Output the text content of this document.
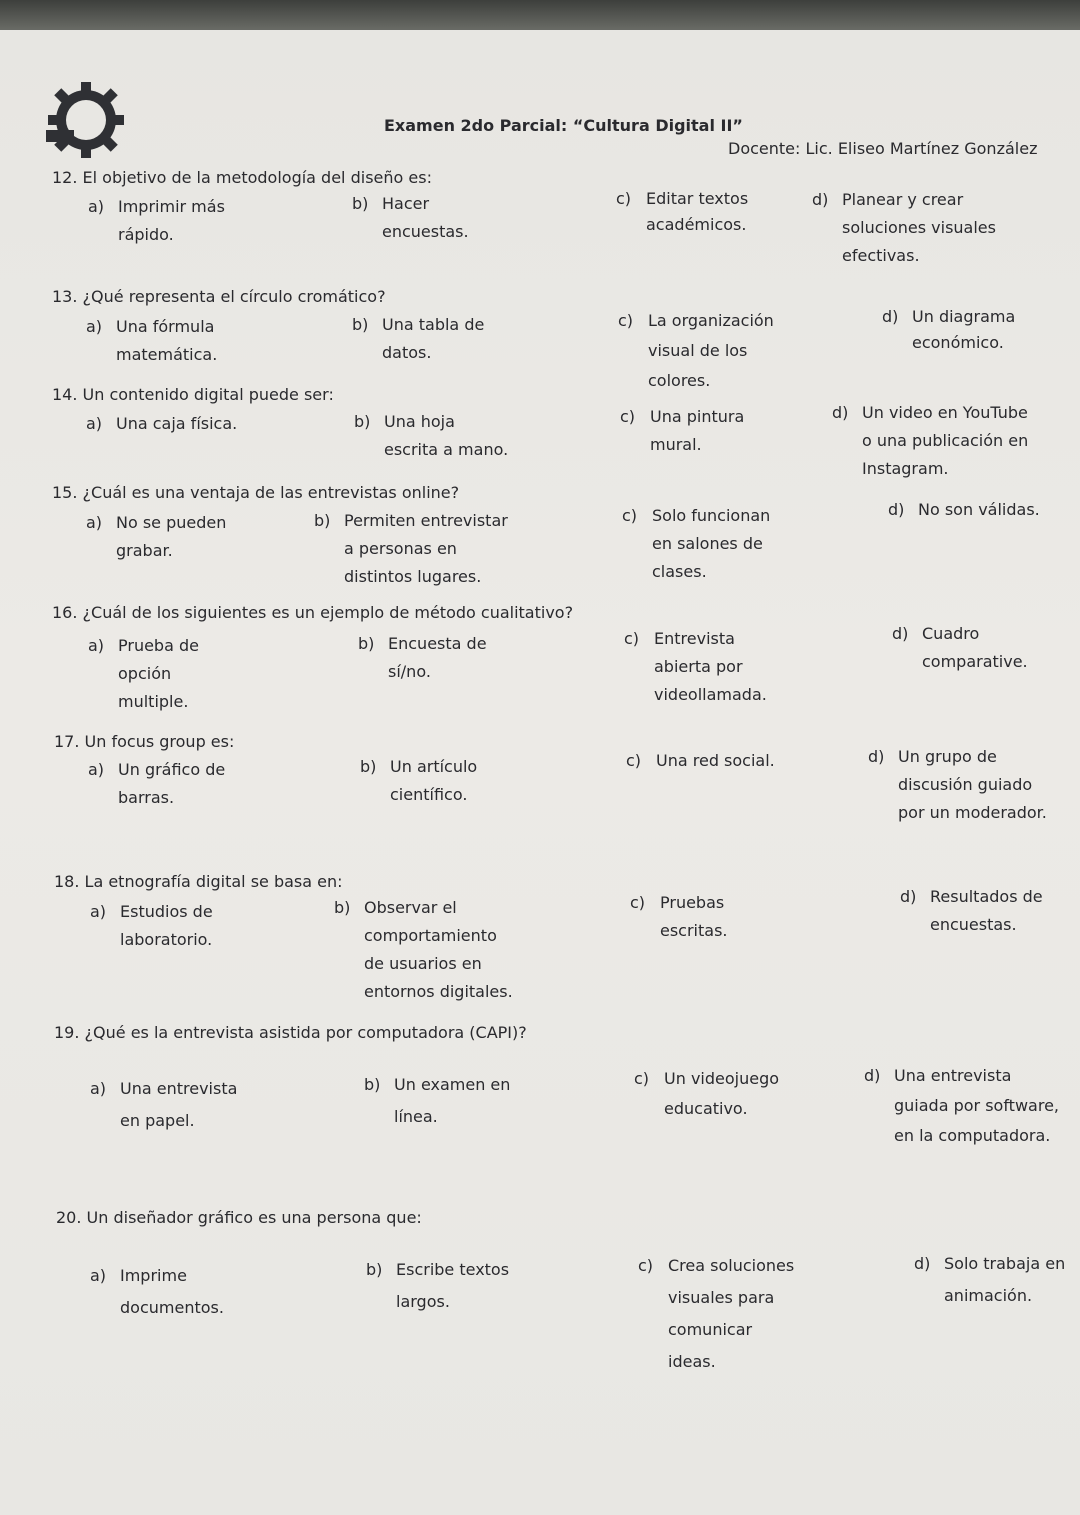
Examen 2do Parcial: “Cultura Digital II”
Docente: Lic. Eliseo Martínez González
12. El objetivo de la metodología del diseño es:
a) Imprimir más
rápido.
b) Hacer
encuestas.
c) Editar textos
académicos.
d) Planear y crear
soluciones visuales
efectivas.
13. ¿Qué representa el círculo cromático?
a) Una fórmula
matemática.
b) Una tabla de
datos.
c) La organización
visual de los
colores.
d) Un diagrama
económico.
14. Un contenido digital puede ser:
a) Una caja física.	b) Una hoja
escrita a mano.
c) Una pintura
mural.
d) Un video en YouTube
o una publicación en
Instagram.
15. ¿Cuál es una ventaja de las entrevistas online?
a) No se pueden
grabar.
b) Permiten entrevistar
a personas en
distintos lugares.
c) Solo funcionan
en salones de
clases.
d) No son válidas.
16. ¿Cuál de los siguientes es un ejemplo de método cualitativo?
a) Prueba de
opción
multiple.
b) Encuesta de
sí/no.
c) Entrevista
abierta por
videollamada.
d) Cuadro
comparative.
17. Un focus group es:
a) Un gráfico de
barras.
b) Un artículo
científico.
c) Una red social.	d) Un grupo de
discusión guiado
por un moderador.
18. La etnografía digital se basa en:
a) Estudios de
laboratorio.
b) Observar el
comportamiento
de usuarios en
entornos digitales.
c) Pruebas
escritas.
d) Resultados de
encuestas.
19. ¿Qué es la entrevista asistida por computadora (CAPI)?
a) Una entrevista
en papel.
b) Un examen en
línea.
c) Un videojuego
educativo.
d) Una entrevista
guiada por software,
en la computadora.
20. Un diseñador gráfico es una persona que:
a) Imprime
documentos.
b) Escribe textos
largos.
c) Crea soluciones
visuales para
comunicar
ideas.
d) Solo trabaja en
animación.
